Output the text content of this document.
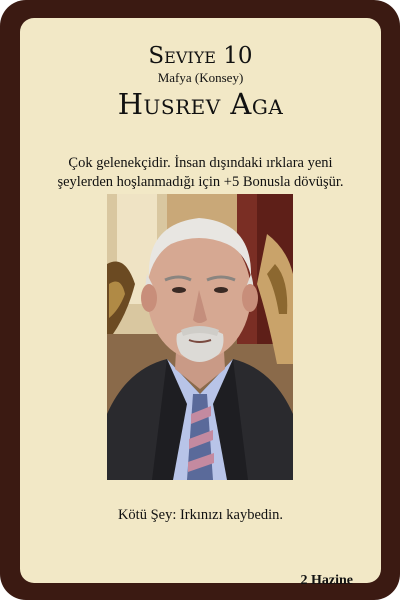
Seviye 10
Mafya (Konsey)
Husrev Aga
Çok gelenekçidir. İnsan dışındaki ırklara yeni şeylerden hoşlanmadığı için +5 Bonusla dövüşür.
Kötü Şey: Irkınızı kaybedin.
2 Hazine
